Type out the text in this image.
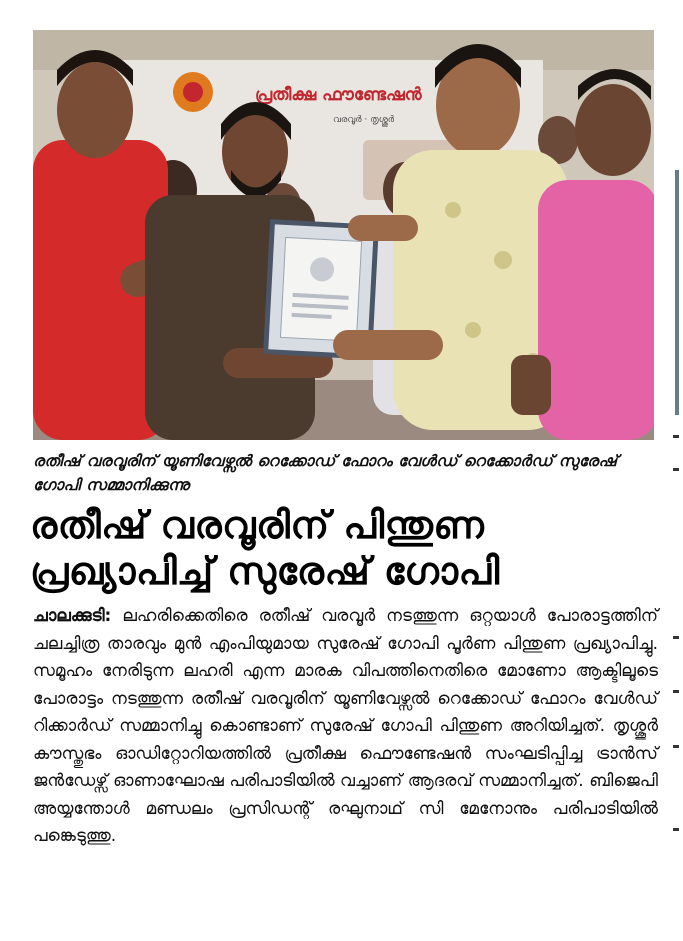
പ്രതീക്ഷ ഫൗണ്ടേഷൻ
വരവൂർ · തൃശ്ശൂർ
രതീഷ് വരവൂരിന് യൂണിവേഴ്സൽ റെക്കോഡ് ഫോറം വേൾഡ് റെക്കോർഡ് സുരേഷ് ഗോപി സമ്മാനിക്കുന്നു
രതീഷ് വരവൂരിന് പിന്തുണ പ്രഖ്യാപിച്ച് സുരേഷ് ഗോപി
ചാലക്കുടി: ലഹരിക്കെതിരെ രതീഷ് വരവൂർ നടത്തുന്ന ഒറ്റയാൾ പോരാട്ടത്തിന് ചലച്ചിത്ര താരവും മുൻ എംപിയുമായ സുരേഷ് ഗോപി പൂർണ പിന്തുണ പ്രഖ്യാപിച്ചു. സമൂഹം നേരിടുന്ന ലഹരി എന്ന മാരക വിപത്തിനെതിരെ മോണോ ആക്ടിലൂടെ പോരാട്ടം നടത്തുന്ന രതീഷ് വരവൂരിന് യൂണിവേഴ്സൽ റെക്കോഡ് ഫോറം വേൾഡ് റിക്കാർഡ് സമ്മാനിച്ചു കൊണ്ടാണ് സുരേഷ് ഗോപി പിന്തുണ അറിയിച്ചത്. തൃശ്ശൂർ കൗസ്തുഭം ഓഡിറ്റോറിയത്തിൽ പ്രതീക്ഷ ഫൌണ്ടേഷൻ സംഘടിപ്പിച്ച ട്രാൻസ് ജൻഡേഴ്സ് ഓണാഘോഷ പരിപാടിയിൽ വച്ചാണ് ആദരവ് സമ്മാനിച്ചത്. ബിജെപി അയ്യന്തോൾ മണ്ഡലം പ്രസിഡന്റ് രഘുനാഥ് സി മേനോനും പരിപാടിയിൽ പങ്കെടുത്തു.
